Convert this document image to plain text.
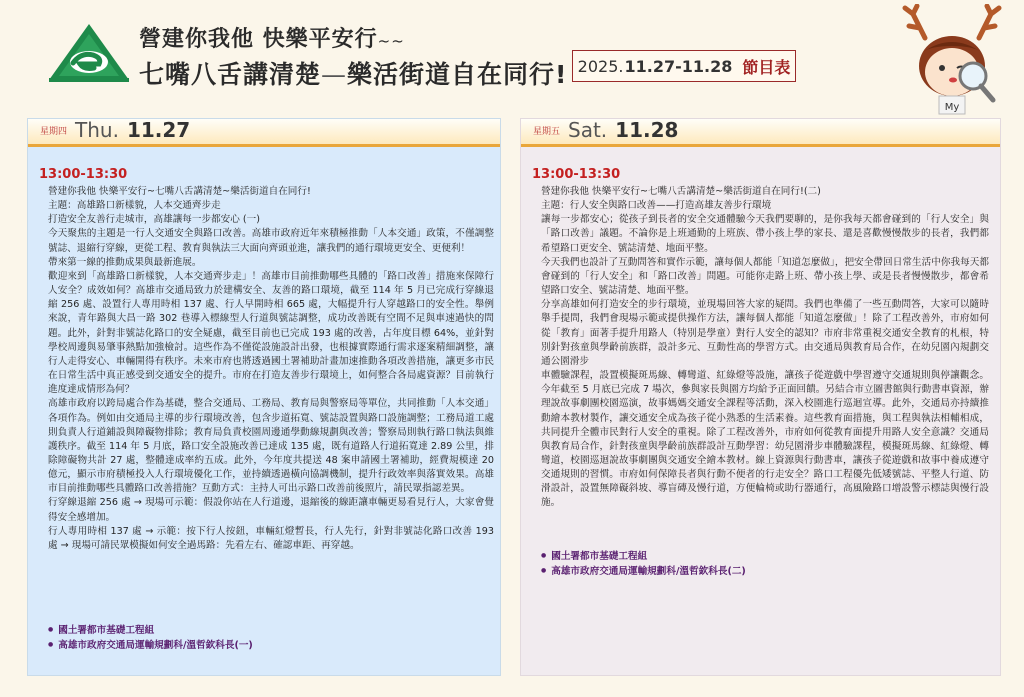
營建你我他 快樂平安行~~
七嘴八舌講清楚—樂活街道自在同行! 2025. 11.27-11.28 節目表
My
星期四 Thu. 11.27
13:00-13:30

營建你我他 快樂平安行~七嘴八舌講清楚~樂活街道自在同行!

主題：高雄路口新樣貌，人本交通齊步走

打造安全友善行走城市，高雄讓每一步都安心 (一)

今天聚焦的主題是一行人交通安全與路口改善。高雄市政府近年來積極推動「人本交通」政策，不僅調整號誌、退縮行穿線，更從工程、教育與執法三大面向齊頭並進，讓我們的通行環境更安全、更便利！

帶來第一線的推動成果與最新進展。

歡迎來到「高雄路口新樣貌，人本交通齊步走」！高雄市目前推動哪些具體的「路口改善」措施來保障行人安全？成效如何？高雄市交通局致力於建構安全、友善的路口環境，截至 114 年 5 月已完成行穿線退縮 256 處、設置行人專用時相 137 處、行人早開時相 665 處，大幅提升行人穿越路口的安全性。舉例來說，青年路與大昌一路 302 巷導入標線型人行道與號誌調整，成功改善既有空間不足與車速過快的問題。此外，針對非號誌化路口的安全疑慮，截至目前也已完成 193 處的改善，占年度目標 64%，並針對學校周邊與易肇事熱點加強檢討。這些作為不僅從設施設計出發，也根據實際通行需求逐案精細調整，讓行人走得安心、車輛開得有秩序。未來市府也將透過國土署補助計畫加速推動各項改善措施，讓更多市民在日常生活中真正感受到交通安全的提升。市府在打造友善步行環境上，如何整合各局處資源？目前執行進度達成情形為何？

高雄市政府以跨局處合作為基礎，整合交通局、工務局、教育局與警察局等單位，共同推動「人本交通」各項作為。例如由交通局主導的步行環境改善，包含步道拓寬、號誌設置與路口設施調整；工務局道工處則負責人行道鋪設與障礙物排除；教育局負責校園周邊通學動線規劃與改善；警察局則執行路口執法與維護秩序。截至 114 年 5 月底，路口安全設施改善已達成 135 處，既有道路人行道拓寬達 2.89 公里，排除障礙物共計 27 處，整體達成率約五成。此外，今年度共提送 48 案申請國土署補助，經費規模達 20 億元，顯示市府積極投入人行環境優化工作，並持續透過橫向協調機制，提升行政效率與落實效果。高雄市目前推動哪些具體路口改善措施？互動方式：主持人可出示路口改善前後照片，請民眾指認差異。

行穿線退縮 256 處 → 現場可示範：假設你站在人行道邊，退縮後的線距讓車輛更易看見行人，大家會覺得安全感增加。

行人專用時相 137 處 → 示範：按下行人按鈕，車輛紅燈暫長，行人先行，針對非號誌化路口改善 193 處 → 現場可請民眾模擬如何安全過馬路：先看左右、確認車距、再穿越。

● 國土署都市基礎工程組
● 高雄市政府交通局運輸規劃科/溫哲欽科長(一)
星期五 Sat. 11.28
13:00-13:30

營建你我他 快樂平安行~七嘴八舌講清楚~樂活街道自在同行!(二)

主題：行人安全與路口改善——打造高雄友善步行環境

讓每一步都安心；從孩子到長者的安全交通體驗今天我們要聊的，是你我每天都會碰到的「行人安全」與「路口改善」議題。不論你是上班通勤的上班族、帶小孩上學的家長、還是喜歡慢慢散步的長者，我們都希望路口更安全、號誌清楚、地面平整。

今天我們也設計了互動問答和實作示範，讓每個人都能「知道怎麼做」，把安全帶回日常生活中你我每天都會碰到的「行人安全」和「路口改善」問題。可能你走路上班、帶小孩上學、或是長者慢慢散步，都會希望路口安全、號誌清楚、地面平整。

分享高雄如何打造安全的步行環境，並現場回答大家的疑問。我們也準備了一些互動問答，大家可以隨時舉手提問，我們會現場示範或提供操作方法，讓每個人都能「知道怎麼做」！除了工程改善外，市府如何從「教育」面著手提升用路人（特別是學童）對行人安全的認知？市府非常重視交通安全教育的札根，特別針對孩童與學齡前族群，設計多元、互動性高的學習方式。由交通局與教育局合作，在幼兒園內規劃交通公園滑步

車體驗課程，設置模擬斑馬線、轉彎道、紅綠燈等設施，讓孩子從遊戲中學習遵守交通規則與停讓觀念。今年截至 5 月底已完成 7 場次，參與家長與園方均給予正面回饋。另結合市立圖書館與行動書車資源，辦理說故事劇團校園巡演，故事媽媽交通安全課程等活動，深入校園進行巡迴宣導。此外，交通局亦持續推動繪本教材製作，讓交通安全成為孩子從小熟悉的生活素養。這些教育面措施，與工程與執法相輔相成，共同提升全體市民對行人安全的重視。除了工程改善外，市府如何從教育面提升用路人安全意識？交通局與教育局合作，針對孩童與學齡前族群設計互動學習：幼兒園滑步車體驗課程，模擬斑馬線、紅綠燈、轉彎道，校園巡迴說故事劇團與交通安全繪本教材。線上資源與行動書車，讓孩子從遊戲和故事中養成遵守交通規則的習慣。市府如何保障長者與行動不便者的行走安全？路口工程優先低矮號誌、平整人行道、防滑設計，設置無障礙斜坡、導盲磚及慢行道，方便輪椅或助行器通行，高風險路口增設警示標誌與慢行設施。

● 國土署都市基礎工程組
● 高雄市政府交通局運輸規劃科/溫哲欽科長(二)
